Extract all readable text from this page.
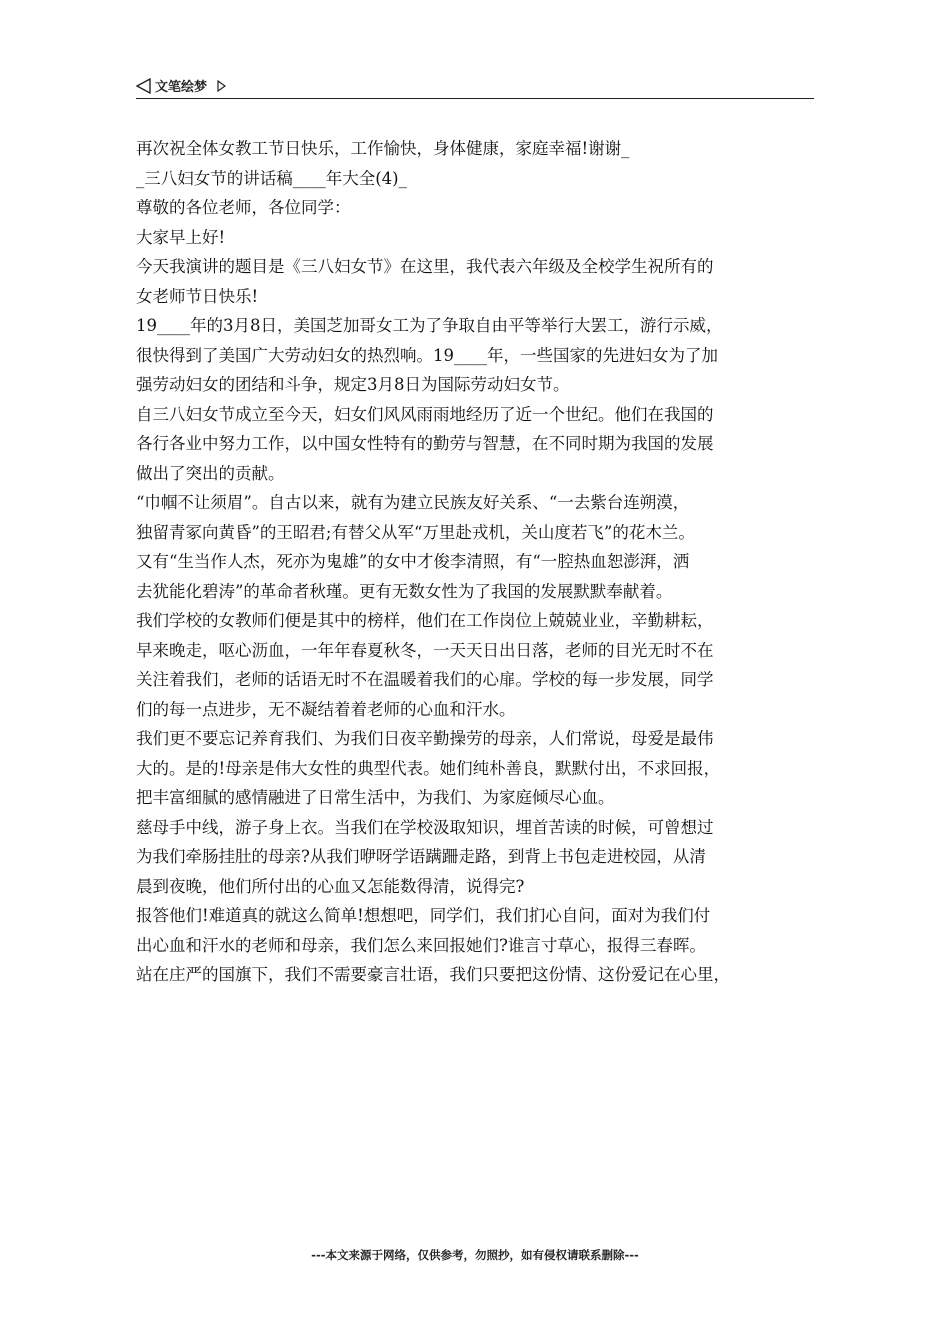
文笔绘梦

再次祝全体女教工节日快乐，工作愉快，身体健康，家庭幸福!谢谢_
_三八妇女节的讲话稿____年大全(4)_
尊敬的各位老师，各位同学：
大家早上好!
今天我演讲的题目是《三八妇女节》在这里，我代表六年级及全校学生祝所有的
女老师节日快乐!
19____年的3月8日，美国芝加哥女工为了争取自由平等举行大罢工，游行示威，
很快得到了美国广大劳动妇女的热烈响。19____年，一些国家的先进妇女为了加
强劳动妇女的团结和斗争，规定3月8日为国际劳动妇女节。
自三八妇女节成立至今天，妇女们风风雨雨地经历了近一个世纪。他们在我国的
各行各业中努力工作，以中国女性特有的勤劳与智慧，在不同时期为我国的发展
做出了突出的贡献。
“巾帼不让须眉”。自古以来，就有为建立民族友好关系、“一去紫台连朔漠，
独留青冢向黄昏”的王昭君;有替父从军“万里赴戎机，关山度若飞”的花木兰。
又有“生当作人杰，死亦为鬼雄”的女中才俊李清照，有“一腔热血恕澎湃，洒
去犹能化碧涛”的革命者秋瑾。更有无数女性为了我国的发展默默奉献着。
我们学校的女教师们便是其中的榜样，他们在工作岗位上兢兢业业，辛勤耕耘，
早来晚走，呕心沥血，一年年春夏秋冬，一天天日出日落，老师的目光无时不在
关注着我们，老师的话语无时不在温暖着我们的心扉。学校的每一步发展，同学
们的每一点进步，无不凝结着着老师的心血和汗水。
我们更不要忘记养育我们、为我们日夜辛勤操劳的母亲，人们常说，母爱是最伟
大的。是的!母亲是伟大女性的典型代表。她们纯朴善良，默默付出，不求回报，
把丰富细腻的感情融进了日常生活中，为我们、为家庭倾尽心血。
慈母手中线，游子身上衣。当我们在学校汲取知识，埋首苦读的时候，可曾想过
为我们牵肠挂肚的母亲?从我们咿呀学语蹒跚走路，到背上书包走进校园，从清
晨到夜晚，他们所付出的心血又怎能数得清，说得完?
报答他们!难道真的就这么简单!想想吧，同学们，我们扪心自问，面对为我们付
出心血和汗水的老师和母亲，我们怎么来回报她们?谁言寸草心，报得三春晖。
站在庄严的国旗下，我们不需要豪言壮语，我们只要把这份情、这份爱记在心里，

---本文来源于网络，仅供参考，勿照抄，如有侵权请联系删除---
